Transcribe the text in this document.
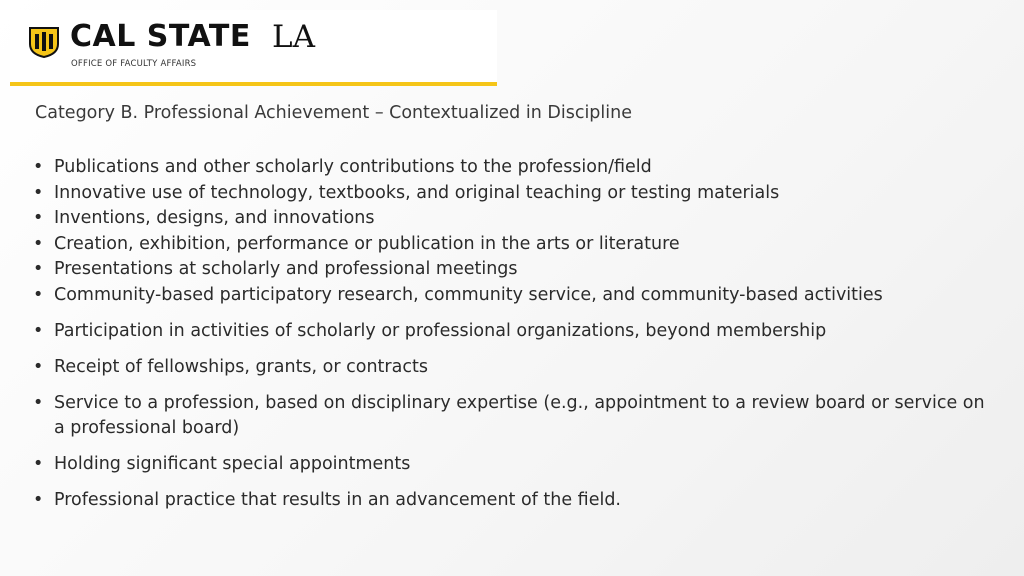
CAL STATE LA
OFFICE OF FACULTY AFFAIRS
Category B. Professional Achievement – Contextualized in Discipline
• Publications and other scholarly contributions to the profession/field
• Innovative use of technology, textbooks, and original teaching or testing materials
• Inventions, designs, and innovations
• Creation, exhibition, performance or publication in the arts or literature
• Presentations at scholarly and professional meetings
• Community-based participatory research, community service, and community-based activities
• Participation in activities of scholarly or professional organizations, beyond membership
• Receipt of fellowships, grants, or contracts
• Service to a profession, based on disciplinary expertise (e.g., appointment to a review board or service on a professional board)
• Holding significant special appointments
• Professional practice that results in an advancement of the field.
